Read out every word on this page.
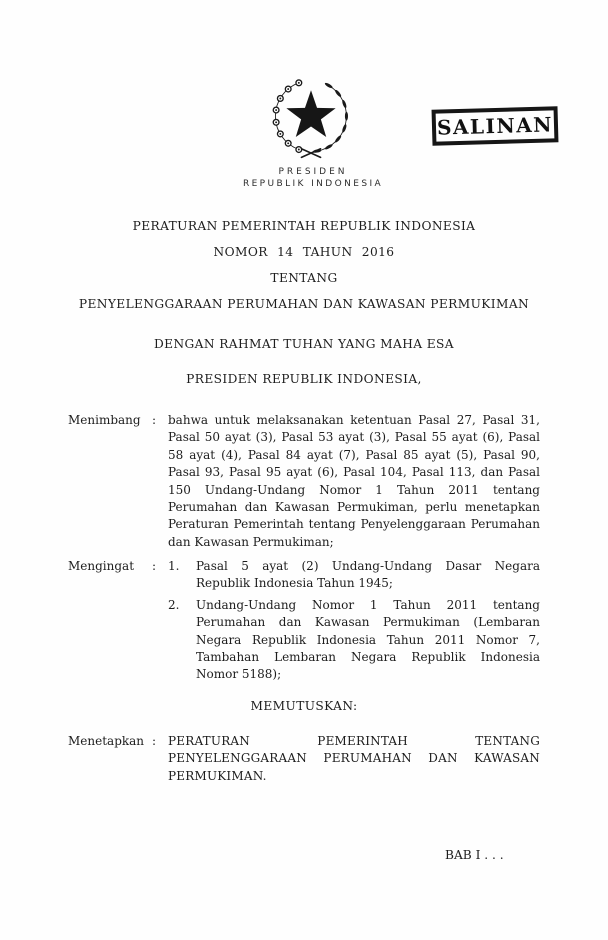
PRESIDEN
REPUBLIK INDONESIA
SALINAN
PERATURAN PEMERINTAH REPUBLIK INDONESIA
NOMOR 14 TAHUN 2016
TENTANG
PENYELENGGARAAN PERUMAHAN DAN KAWASAN PERMUKIMAN
DENGAN RAHMAT TUHAN YANG MAHA ESA
PRESIDEN REPUBLIK INDONESIA,
Menimbang : bahwa untuk melaksanakan ketentuan Pasal 27, Pasal 31, Pasal 50 ayat (3), Pasal 53 ayat (3), Pasal 55 ayat (6), Pasal 58 ayat (4), Pasal 84 ayat (7), Pasal 85 ayat (5), Pasal 90, Pasal 93, Pasal 95 ayat (6), Pasal 104, Pasal 113, dan Pasal 150 Undang-Undang Nomor 1 Tahun 2011 tentang Perumahan dan Kawasan Permukiman, perlu menetapkan Peraturan Pemerintah tentang Penyelenggaraan Perumahan dan Kawasan Permukiman;
Mengingat	: 1.	Pasal 5 ayat (2) Undang-Undang Dasar Negara Republik Indonesia Tahun 1945;
2.	Undang-Undang Nomor 1 Tahun 2011 tentang Perumahan dan Kawasan Permukiman (Lembaran Negara Republik Indonesia Tahun 2011 Nomor 7, Tambahan Lembaran Negara Republik Indonesia Nomor 5188);
MEMUTUSKAN:
Menetapkan : PERATURAN PEMERINTAH TENTANG PENYELENGGARAAN PERUMAHAN DAN KAWASAN PERMUKIMAN.
BAB I . . .
